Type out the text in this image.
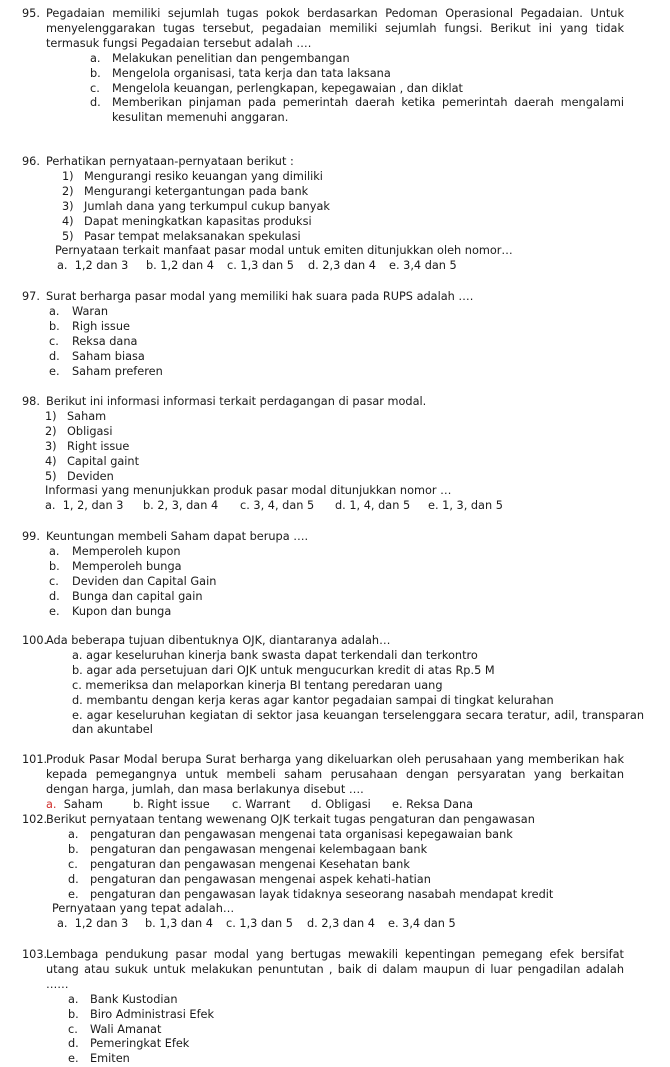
95. Pegadaian memiliki sejumlah tugas pokok berdasarkan Pedoman Operasional Pegadaian. Untuk menyelenggarakan tugas tersebut, pegadaian memiliki sejumlah fungsi. Berikut ini yang tidak termasuk fungsi Pegadaian tersebut adalah ….
a. Melakukan penelitian dan pengembangan
b. Mengelola organisasi, tata kerja dan tata laksana
c. Mengelola keuangan, perlengkapan, kepegawaian , dan diklat
d. Memberikan pinjaman pada pemerintah daerah ketika pemerintah daerah mengalami kesulitan memenuhi anggaran.
96. Perhatikan pernyataan-pernyataan berikut :
1) Mengurangi resiko keuangan yang dimiliki
2) Mengurangi ketergantungan pada bank
3) Jumlah dana yang terkumpul cukup banyak
4) Dapat meningkatkan kapasitas produksi
5) Pasar tempat melaksanakan spekulasi
Pernyataan terkait manfaat pasar modal untuk emiten ditunjukkan oleh nomor…
a. 1,2 dan 3 b. 1,2 dan 4 c. 1,3 dan 5 d. 2,3 dan 4 e. 3,4 dan 5
97. Surat berharga pasar modal yang memiliki hak suara pada RUPS adalah ….
a. Waran
b. Righ issue
c. Reksa dana
d. Saham biasa
e. Saham preferen
98. Berikut ini informasi informasi terkait perdagangan di pasar modal.
1) Saham
2) Obligasi
3) Right issue
4) Capital gaint
5) Deviden
Informasi yang menunjukkan produk pasar modal ditunjukkan nomor …
a. 1, 2, dan 3 b. 2, 3, dan 4 c. 3, 4, dan 5 d. 1, 4, dan 5 e. 1, 3, dan 5
99. Keuntungan membeli Saham dapat berupa ….
a. Memperoleh kupon
b. Memperoleh bunga
c. Deviden dan Capital Gain
d. Bunga dan capital gain
e. Kupon dan bunga
100.
Ada beberapa tujuan dibentuknya OJK, diantaranya adalah…
a. agar keseluruhan kinerja bank swasta dapat terkendali dan terkontro
b. agar ada persetujuan dari OJK untuk mengucurkan kredit di atas Rp.5 M
c. memeriksa dan melaporkan kinerja BI tentang peredaran uang
d. membantu dengan kerja keras agar kantor pegadaian sampai di tingkat kelurahan
e. agar keseluruhan kegiatan di sektor jasa keuangan terselenggara secara teratur, adil, transparan dan akuntabel
101.
Produk Pasar Modal berupa Surat berharga yang dikeluarkan oleh perusahaan yang memberikan hak kepada pemegangnya untuk membeli saham perusahaan dengan persyaratan yang berkaitan dengan harga, jumlah, dan masa berlakunya disebut ….
a. Saham	b. Right issue c. Warrant d. Obligasi e. Reksa Dana
102.
Berikut pernyataan tentang wewenang OJK terkait tugas pengaturan dan pengawasan
a. pengaturan dan pengawasan mengenai tata organisasi kepegawaian bank
b. pengaturan dan pengawasan mengenai kelembagaan bank
c. pengaturan dan pengawasan mengenai Kesehatan bank
d. pengaturan dan pengawasan mengenai aspek kehati-hatian
e. pengaturan dan pengawasan layak tidaknya seseorang nasabah mendapat kredit
Pernyataan yang tepat adalah…
a. 1,2 dan 3 b. 1,3 dan 4 c. 1,3 dan 5 d. 2,3 dan 4 e. 3,4 dan 5
103.
Lembaga pendukung pasar modal yang bertugas mewakili kepentingan pemegang efek bersifat utang atau sukuk untuk melakukan penuntutan , baik di dalam maupun di luar pengadilan adalah ……
a. Bank Kustodian
b. Biro Administrasi Efek
c. Wali Amanat
d. Pemeringkat Efek
e. Emiten
